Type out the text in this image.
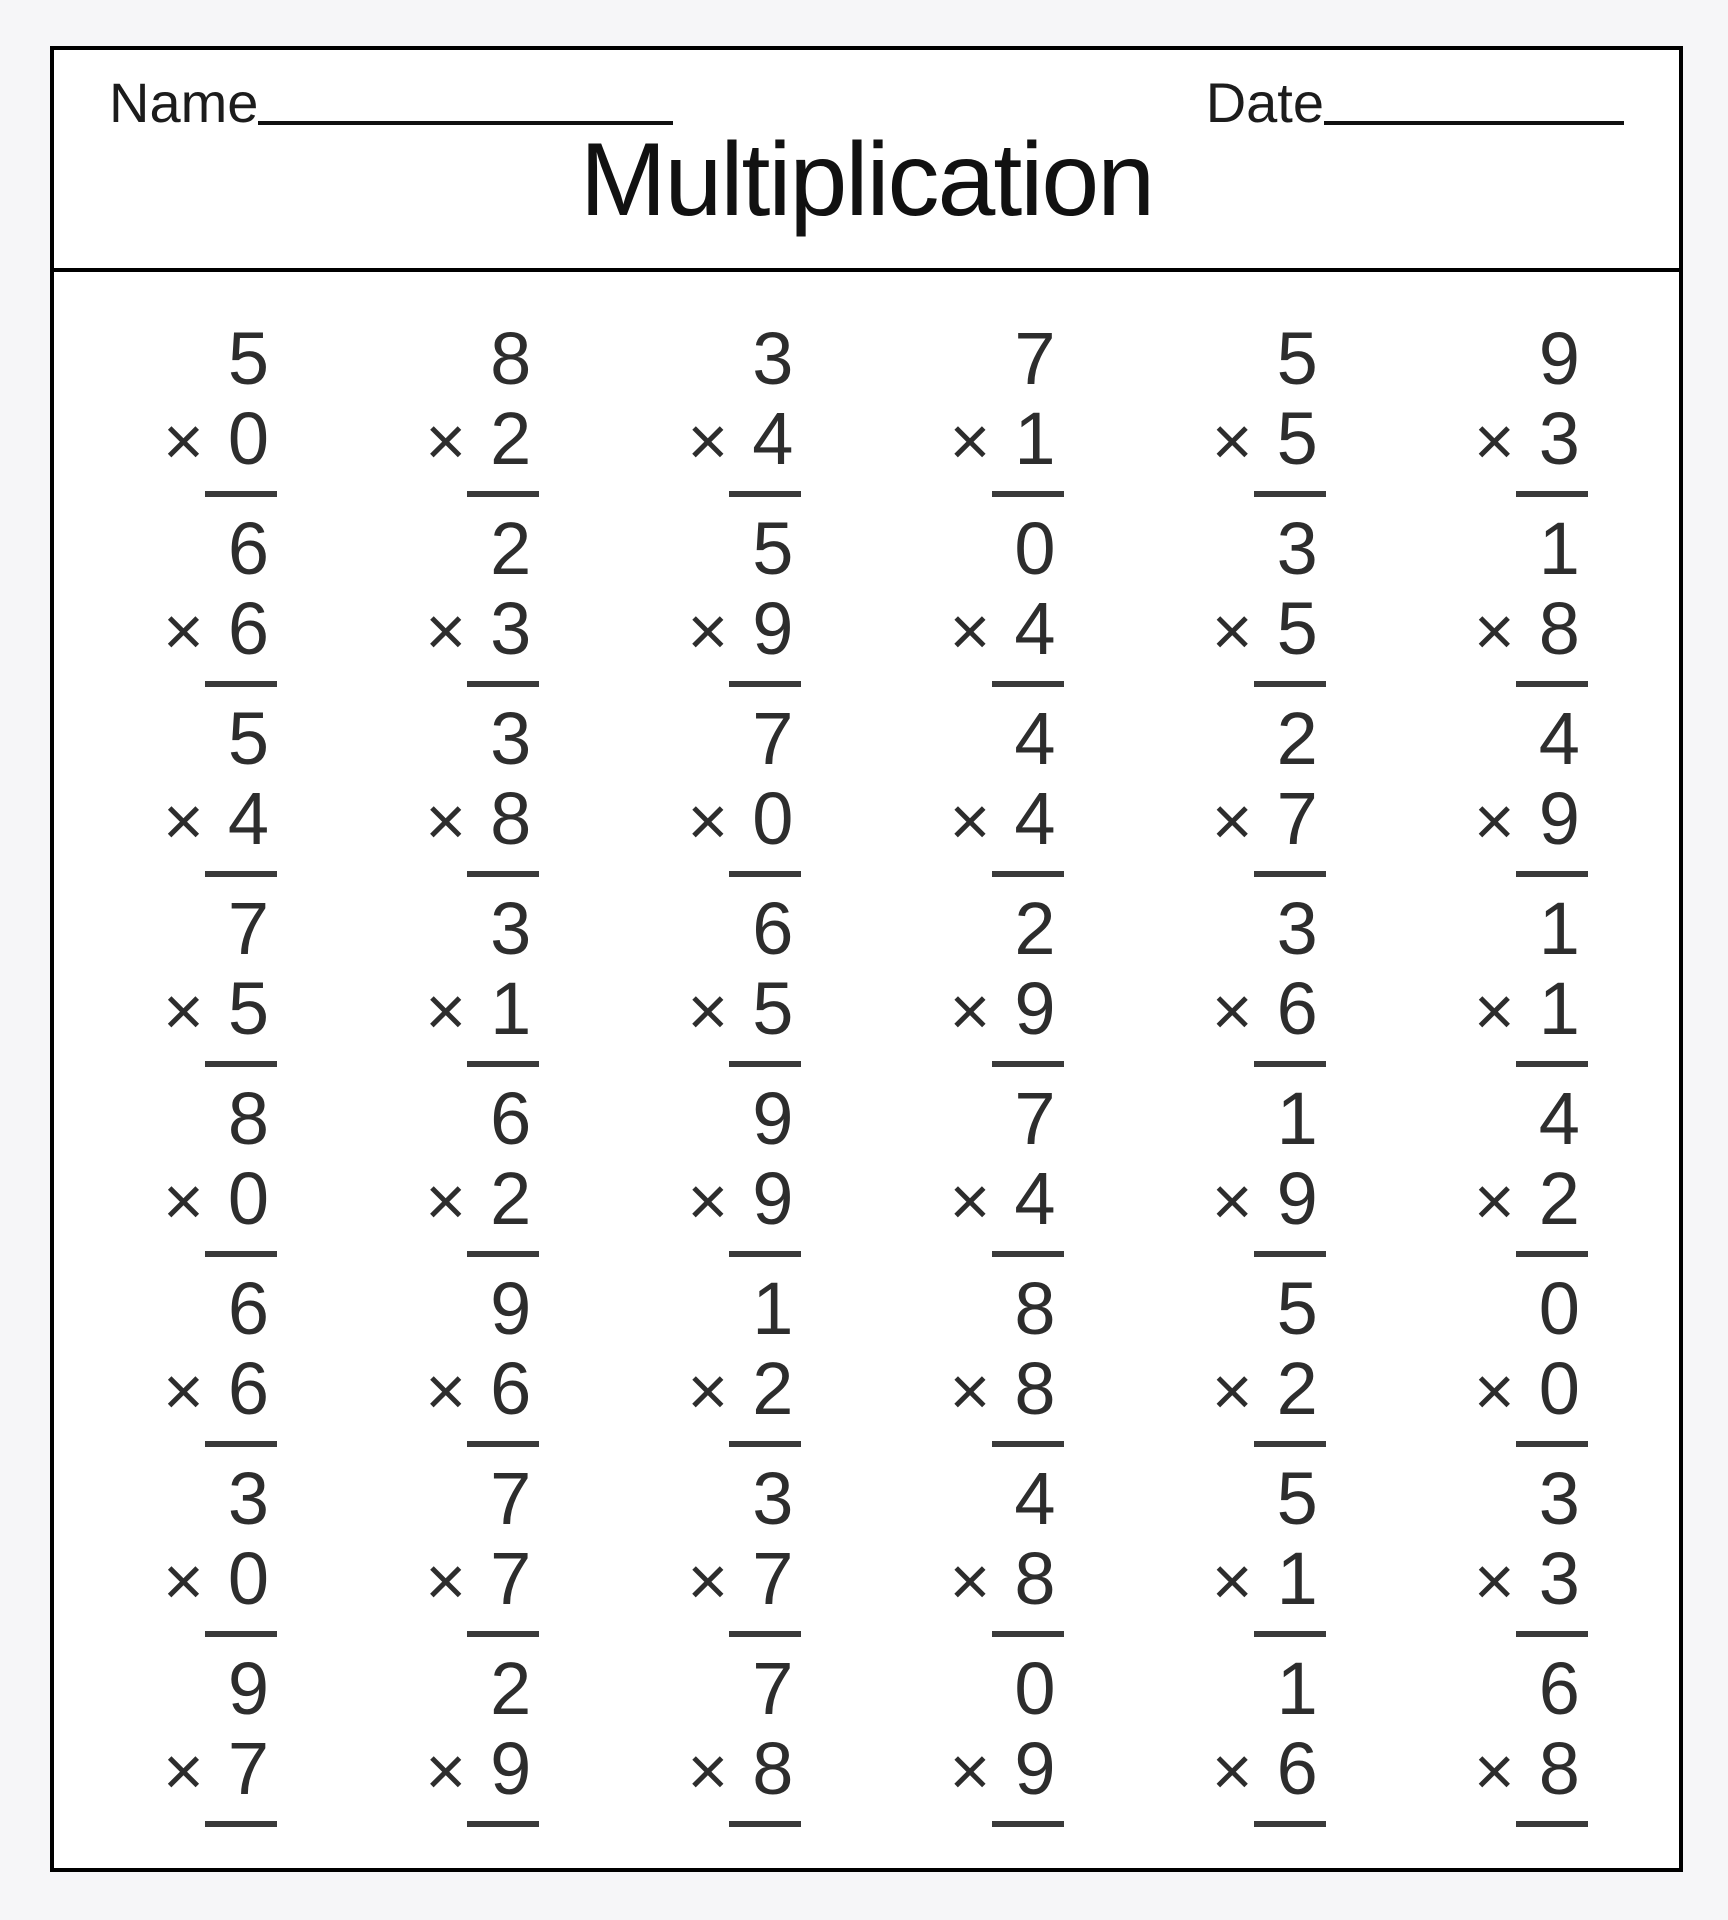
Name	Date
Multiplication
5
× 0
8
× 2
3
× 4
7
× 1
5
× 5
9
× 3
6
× 6
2
× 3
5
× 9
0
× 4
3
× 5
1
× 8
5
× 4
3
× 8
7
× 0
4
× 4
2
× 7
4
× 9
7
× 5
3
× 1
6
× 5
2
× 9
3
× 6
1
× 1
8
× 0
6
× 2
9
× 9
7
× 4
1
× 9
4
× 2
6
× 6
9
× 6
1
× 2
8
× 8
5
× 2
0
× 0
3
× 0
7
× 7
3
× 7
4
× 8
5
× 1
3
× 3
9
× 7
2
× 9
7
× 8
0
× 9
1
× 6
6
× 8
